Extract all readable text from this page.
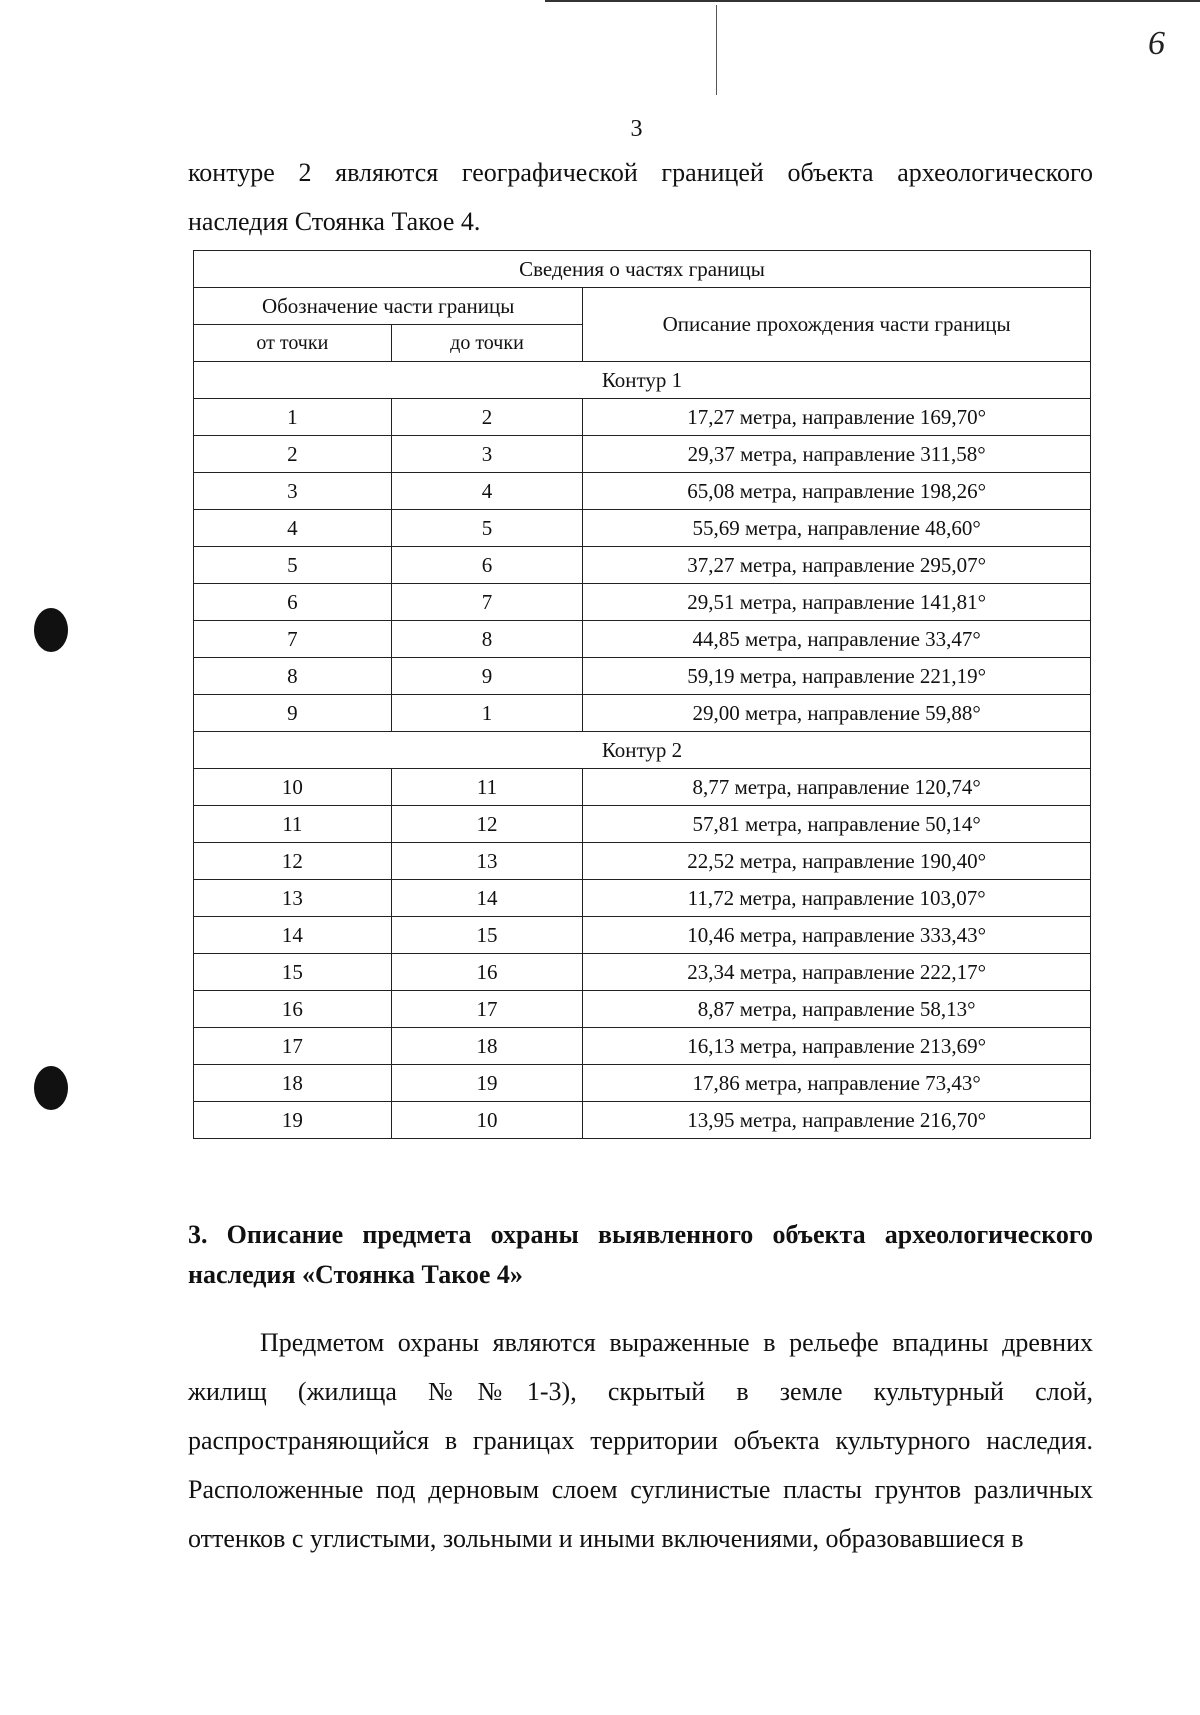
6
3
контуре 2 являются географической границей объекта археологического
наследия Стоянка Такое 4.
Сведения о частях границы		
Обозначение части границы		Описание прохождения части границы
от точки	до точки	
Контур 1		
1	2	17,27 метра, направление 169,70°
2	3	29,37 метра, направление 311,58°
3	4	65,08 метра, направление 198,26°
4	5	55,69 метра, направление 48,60°
5	6	37,27 метра, направление 295,07°
6	7	29,51 метра, направление 141,81°
7	8	44,85 метра, направление 33,47°
8	9	59,19 метра, направление 221,19°
9	1	29,00 метра, направление 59,88°
Контур 2		
10	11	8,77 метра, направление 120,74°
11	12	57,81 метра, направление 50,14°
12	13	22,52 метра, направление 190,40°
13	14	11,72 метра, направление 103,07°
14	15	10,46 метра, направление 333,43°
15	16	23,34 метра, направление 222,17°
16	17	8,87 метра, направление 58,13°
17	18	16,13 метра, направление 213,69°
18	19	17,86 метра, направление 73,43°
19	10	13,95 метра, направление 216,70°
3. Описание предмета охраны выявленного объекта археологического наследия «Стоянка Такое 4»
Предметом охраны являются выраженные в рельефе впадины древних жилищ (жилища №№1-3), скрытый в земле культурный слой, распространяющийся в границах территории объекта культурного наследия. Расположенные под дерновым слоем суглинистые пласты грунтов различных оттенков с углистыми, зольными и иными включениями, образовавшиеся в
